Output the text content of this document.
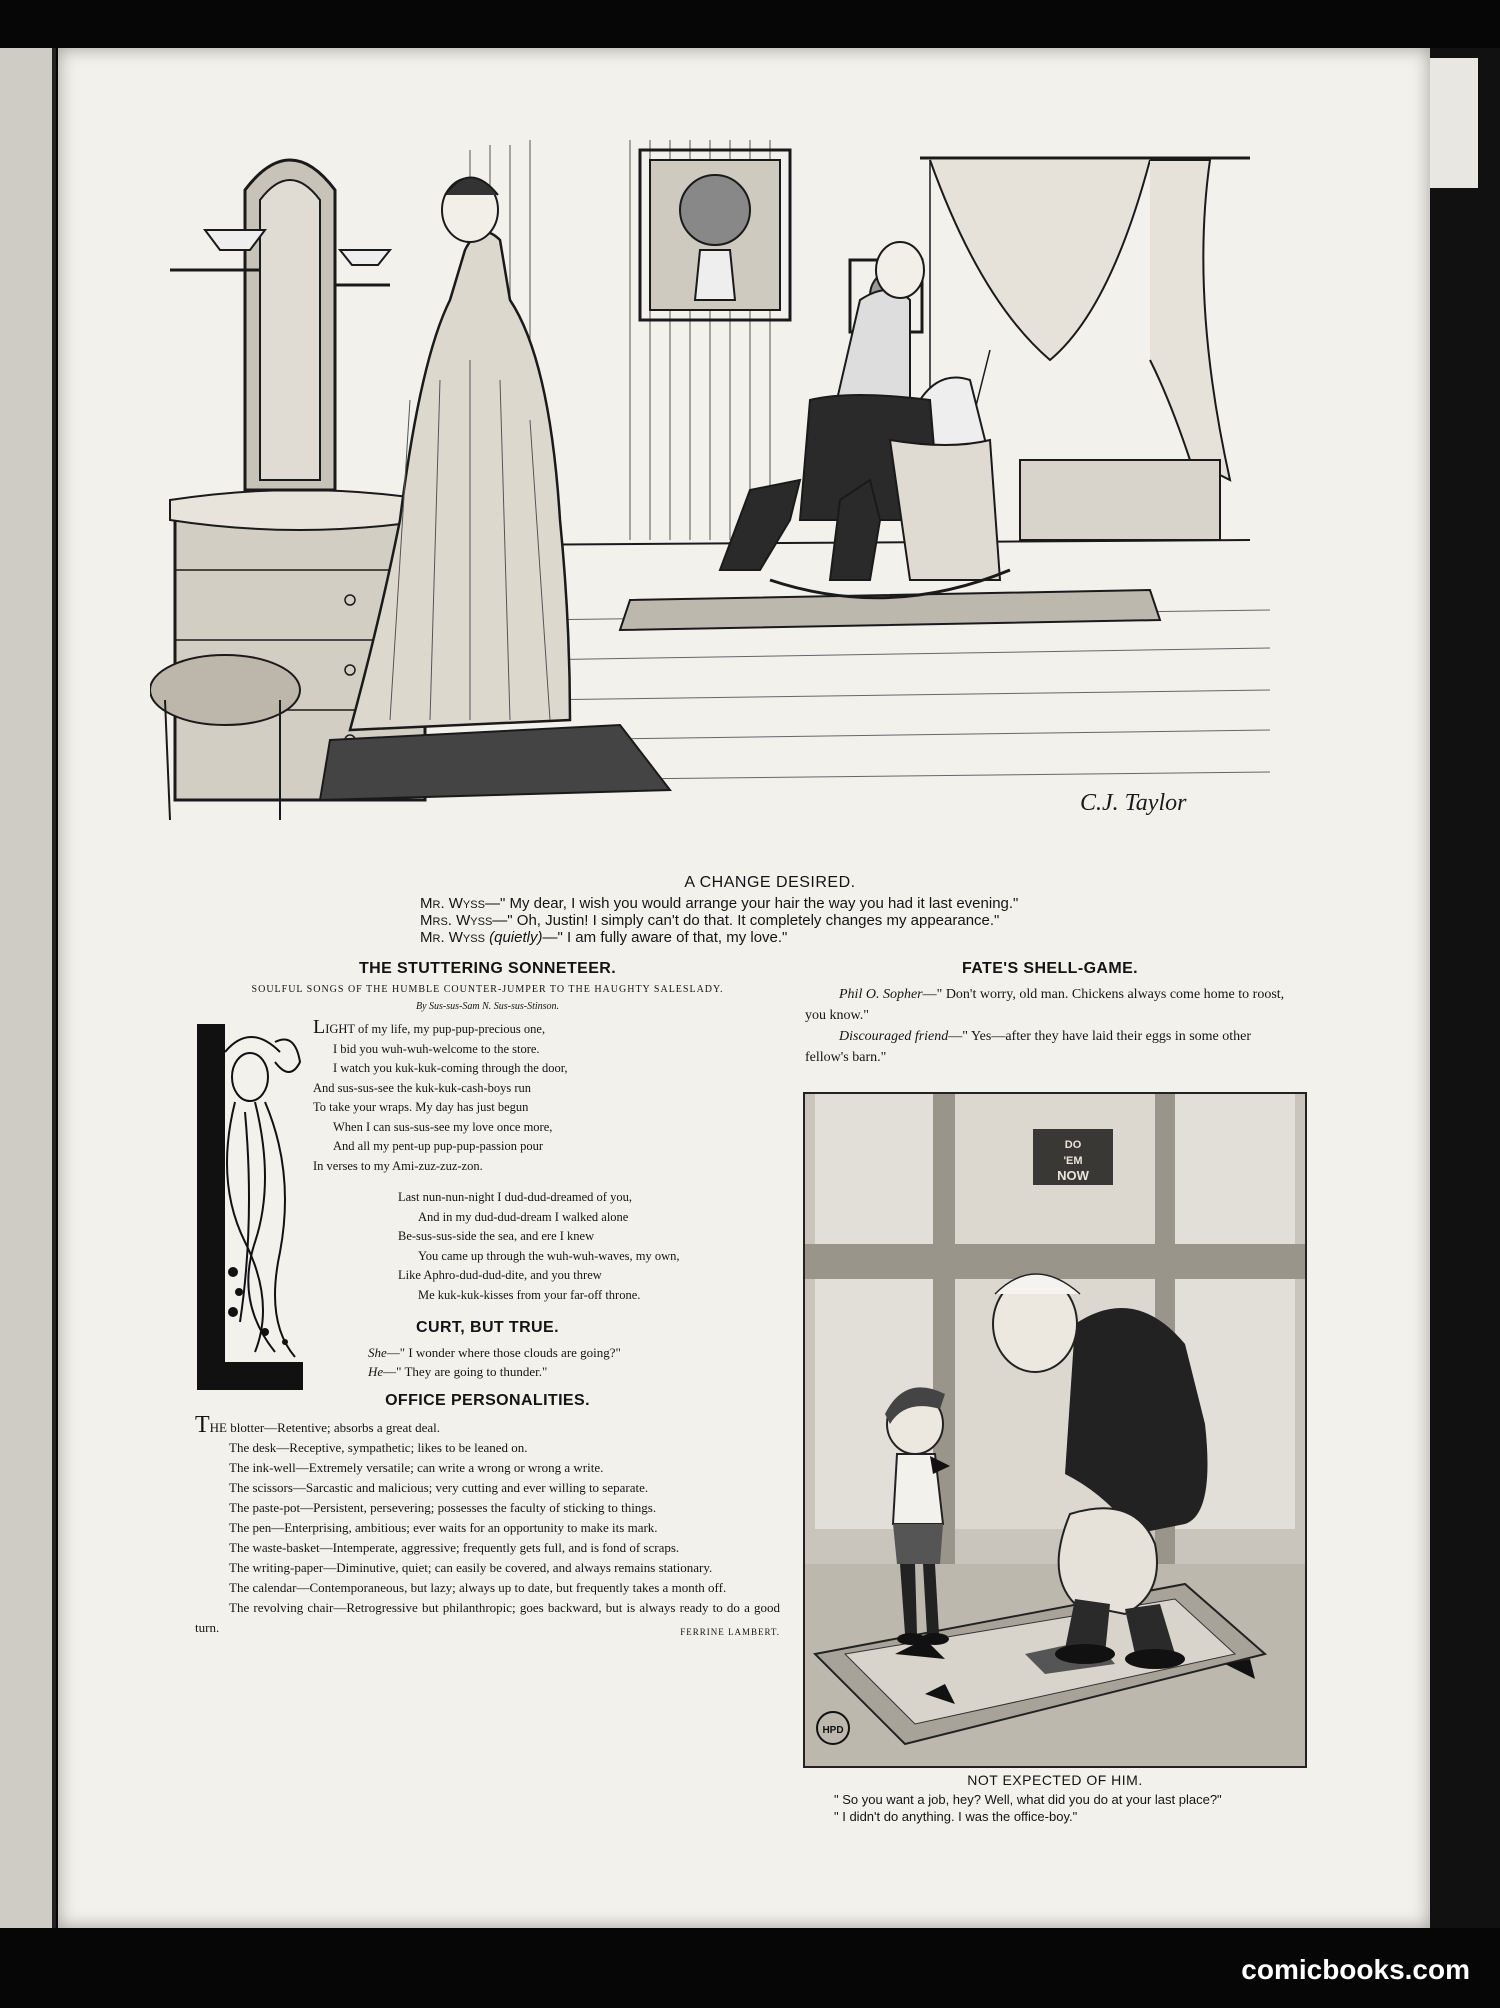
C.J. Taylor
A CHANGE DESIRED.
Mr. Wyss—" My dear, I wish you would arrange your hair the way you had it last evening."
Mrs. Wyss—" Oh, Justin! I simply can't do that. It completely changes my appearance."
Mr. Wyss (quietly)—" I am fully aware of that, my love."
THE STUTTERING SONNETEER.
SOULFUL SONGS OF THE HUMBLE COUNTER-JUMPER TO THE HAUGHTY SALESLADY.
By Sus-sus-Sam N. Sus-sus-Stinson.
LIGHT of my life, my pup-pup-precious one,
I bid you wuh-wuh-welcome to the store.
I watch you kuk-kuk-coming through the door,
And sus-sus-see the kuk-kuk-cash-boys run
To take your wraps. My day has just begun
When I can sus-sus-see my love once more,
And all my pent-up pup-pup-passion pour
In verses to my Ami-zuz-zuz-zon.
Last nun-nun-night I dud-dud-dreamed of you,
And in my dud-dud-dream I walked alone
Be-sus-sus-side the sea, and ere I knew
You came up through the wuh-wuh-waves, my own,
Like Aphro-dud-dud-dite, and you threw
Me kuk-kuk-kisses from your far-off throne.
CURT, BUT TRUE.
She—" I wonder where those clouds are going?"
He—" They are going to thunder."
OFFICE PERSONALITIES.

THE blotter—Retentive; absorbs a great deal.

The desk—Receptive, sympathetic; likes to be leaned on.

The ink-well—Extremely versatile; can write a wrong or wrong a write.

The scissors—Sarcastic and malicious; very cutting and ever willing to separate.

The paste-pot—Persistent, persevering; possesses the faculty of sticking to things.

The pen—Enterprising, ambitious; ever waits for an opportunity to make its mark.

The waste-basket—Intemperate, aggressive; frequently gets full, and is fond of scraps.

The writing-paper—Diminutive, quiet; can easily be covered, and always remains stationary.

The calendar—Contemporaneous, but lazy; always up to date, but frequently takes a month off.

The revolving chair—Retrogressive but philanthropic; goes backward, but is always ready to do a good turn.	FERRINE LAMBERT.

FATE'S SHELL-GAME.

Phil O. Sopher—" Don't worry, old man. Chickens always come home to roost, you know."

Discouraged friend—" Yes—after they have laid their eggs in some other fellow's barn."

DO
'EM
NOW
HPD
NOT EXPECTED OF HIM.
" So you want a job, hey? Well, what did you do at your last place?"
" I didn't do anything. I was the office-boy."
comicbooks.com
